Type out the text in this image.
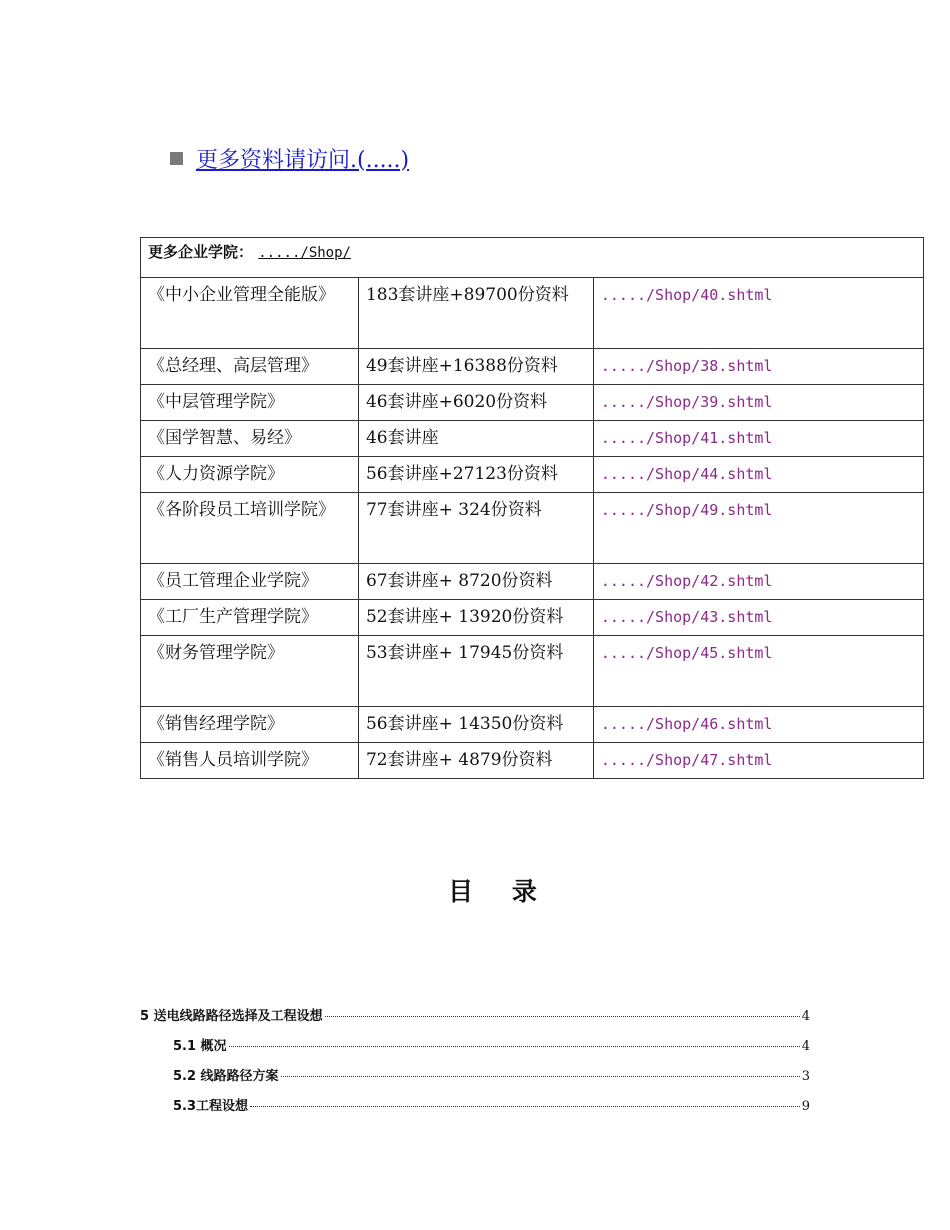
更多资料请访问.(.....)
更多企业学院： ...../Shop/		
《中小企业管理全能版》	183套讲座+89700份资料	...../Shop/40.shtml
《总经理、高层管理》	49套讲座+16388份资料	...../Shop/38.shtml
《中层管理学院》	46套讲座+6020份资料	...../Shop/39.shtml
《国学智慧、易经》	46套讲座	...../Shop/41.shtml
《人力资源学院》	56套讲座+27123份资料	...../Shop/44.shtml
《各阶段员工培训学院》	77套讲座+ 324份资料	...../Shop/49.shtml
《员工管理企业学院》	67套讲座+ 8720份资料	...../Shop/42.shtml
《工厂生产管理学院》	52套讲座+ 13920份资料	...../Shop/43.shtml
《财务管理学院》	53套讲座+ 17945份资料	...../Shop/45.shtml
《销售经理学院》	56套讲座+ 14350份资料	...../Shop/46.shtml
《销售人员培训学院》	72套讲座+ 4879份资料	...../Shop/47.shtml
目 录
5 送电线路路径选择及工程设想	4
5.1 概况	4
5.2 线路路径方案	3
5.3工程设想	9
